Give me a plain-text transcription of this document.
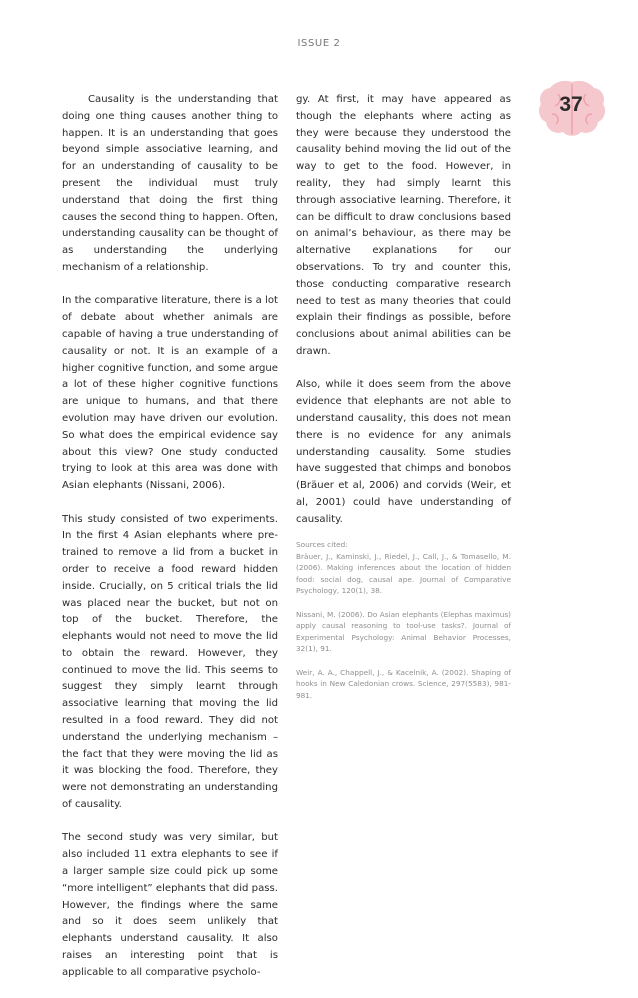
ISSUE 2
37

Causality is the understanding that doing one thing causes another thing to happen. It is an understanding that goes beyond simple associative learning, and for an understanding of causality to be present the individual must truly understand that doing the first thing causes the second thing to happen. Often, understanding causality can be thought of as understanding the underlying mechanism of a relationship.

In the comparative literature, there is a lot of debate about whether animals are capable of having a true understanding of causality or not. It is an example of a higher cognitive function, and some argue a lot of these higher cognitive functions are unique to humans, and that there evolution may have driven our evolution. So what does the empirical evidence say about this view? One study conducted trying to look at this area was done with Asian elephants (Nissani, 2006).

This study consisted of two experiments. In the first 4 Asian elephants where pre-trained to remove a lid from a bucket in order to receive a food reward hidden inside. Crucially, on 5 critical trials the lid was placed near the bucket, but not on top of the bucket. Therefore, the elephants would not need to move the lid to obtain the reward. However, they continued to move the lid. This seems to suggest they simply learnt through associative learning that moving the lid resulted in a food reward. They did not understand the underlying mechanism – the fact that they were moving the lid as it was blocking the food. Therefore, they were not demonstrating an understanding of causality.

The second study was very similar, but also included 11 extra elephants to see if a larger sample size could pick up some “more intelligent” elephants that did pass. However, the findings where the same and so it does seem unlikely that elephants understand causality. It also raises an interesting point that is applicable to all comparative psycholo-

gy. At first, it may have appeared as though the elephants where acting as they were because they understood the causality behind moving the lid out of the way to get to the food. However, in reality, they had simply learnt this through associative learning. Therefore, it can be difficult to draw conclusions based on animal’s behaviour, as there may be alternative explanations for our observations. To try and counter this, those conducting comparative research need to test as many theories that could explain their findings as possible, before conclusions about animal abilities can be drawn.

Also, while it does seem from the above evidence that elephants are not able to understand causality, this does not mean there is no evidence for any animals understanding causality. Some studies have suggested that chimps and bonobos (Bräuer et al, 2006) and corvids (Weir, et al, 2001) could have understanding of causality.

Sources cited:
Bräuer, J., Kaminski, J., Riedel, J., Call, J., & Tomasello, M. (2006). Making inferences about the location of hidden food: social dog, causal ape. Journal of Comparative Psychology, 120(1), 38.
Nissani, M. (2006). Do Asian elephants (Elephas maximus) apply causal reasoning to tool-use tasks?. Journal of Experimental Psychology: Animal Behavior Processes, 32(1), 91.
Weir, A. A., Chappell, J., & Kacelnik, A. (2002). Shaping of hooks in New Caledonian crows. Science, 297(5583), 981-981.
